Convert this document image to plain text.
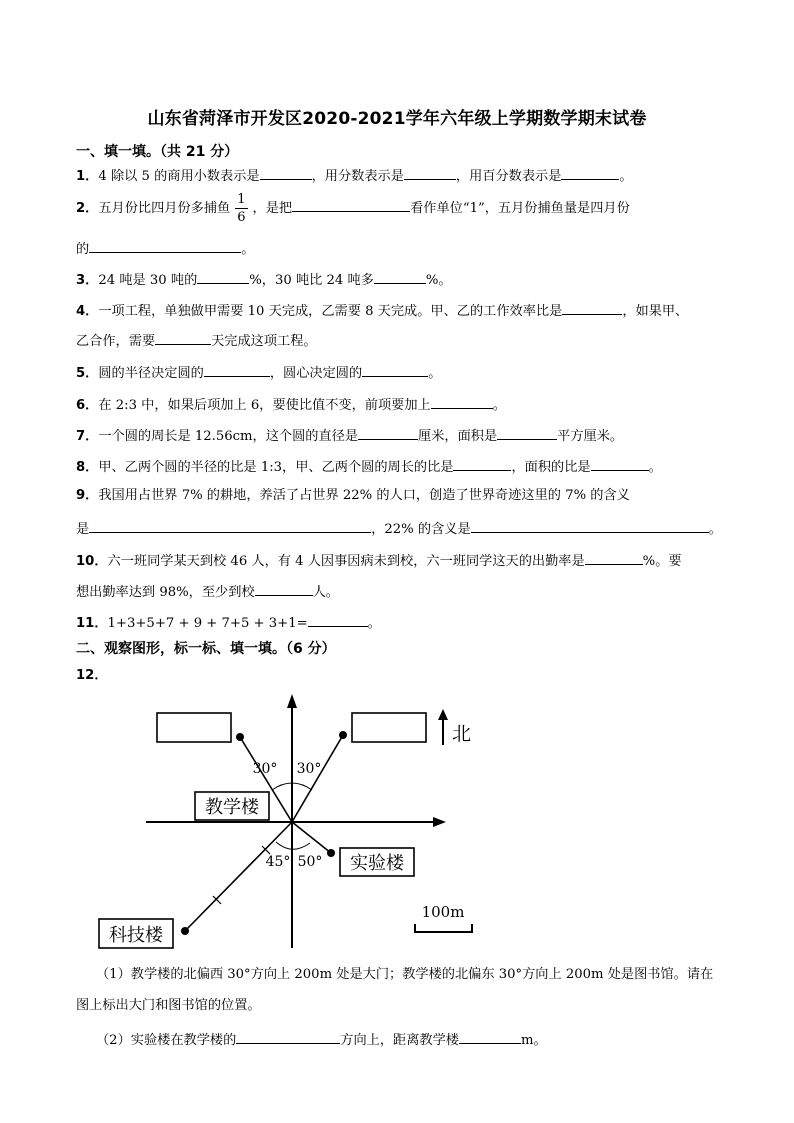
山东省菏泽市开发区2020-2021学年六年级上学期数学期末试卷
一、填一填。（共 21 分）
1．4 除以 5 的商用小数表示是	，用分数表示是	，用百分数表示是	。
2．五月份比四月份多捕鱼 $\frac{1}{6}$ ，是把	看作单位“1”，五月份捕鱼量是四月份
的	。
3．24 吨是 30 吨的	%，30 吨比 24 吨多	%。
4．一项工程，单独做甲需要 10 天完成，乙需要 8 天完成。甲、乙的工作效率比是	，如果甲、
乙合作，需要	天完成这项工程。
5．圆的半径决定圆的	，圆心决定圆的	。
6．在 2:3 中，如果后项加上 6，要使比值不变，前项要加上	。
7．一个圆的周长是 12.56cm，这个圆的直径是	厘米，面积是	平方厘米。
8．甲、乙两个圆的半径的比是 1:3，甲、乙两个圆的周长的比是	，面积的比是	。
9．我国用占世界 7% 的耕地，养活了占世界 22% 的人口，创造了世界奇迹这里的 7% 的含义
是	，22% 的含义是	。
10．六一班同学某天到校 46 人，有 4 人因事因病未到校，六一班同学这天的出勤率是	%。要
想出勤率达到 98%，至少到校	人。
11．1+3+5+7 + 9 + 7+5 + 3+1=	。
二、观察图形，标一标、填一填。（6 分）
12．
北
30° 30°
45° 50°
教学楼
实验楼
科技楼
100m
（1）教学楼的北偏西 30°方向上 200m 处是大门；教学楼的北偏东 30°方向上 200m 处是图书馆。请在
图上标出大门和图书馆的位置。
（2）实验楼在教学楼的	方向上，距离教学楼	m。
